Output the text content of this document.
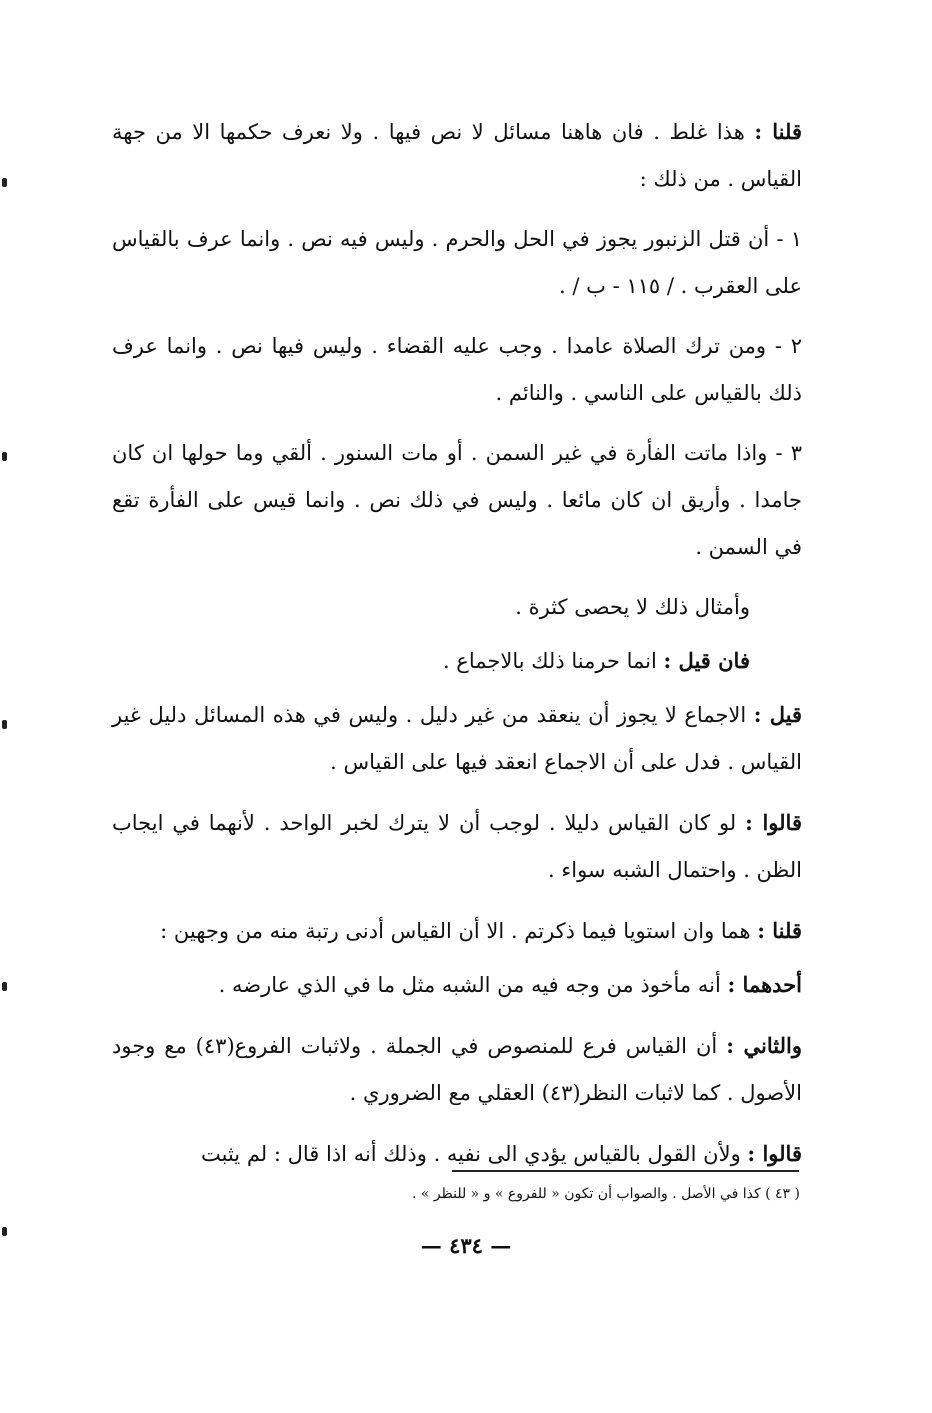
قلنا : هذا غلط . فان هاهنا مسائل لا نص فيها . ولا نعرف حكمها الا من جهة القياس . من ذلك :

١ - أن قتل الزنبور يجوز في الحل والحرم . وليس فيه نص . وانما عرف بالقياس على العقرب . / ١١٥ - ب / .

٢ - ومن ترك الصلاة عامدا . وجب عليه القضاء . وليس فيها نص . وانما عرف ذلك بالقياس على الناسي . والنائم .

٣ - واذا ماتت الفأرة في غير السمن . أو مات السنور . ألقي وما حولها ان كان جامدا . وأريق ان كان مائعا . وليس في ذلك نص . وانما قيس على الفأرة تقع في السمن .

وأمثال ذلك لا يحصى كثرة .

فان قيل : انما حرمنا ذلك بالاجماع .

قيل : الاجماع لا يجوز أن ينعقد من غير دليل . وليس في هذه المسائل دليل غير القياس . فدل على أن الاجماع انعقد فيها على القياس .

قالوا : لو كان القياس دليلا . لوجب أن لا يترك لخبر الواحد . لأنهما في ايجاب الظن . واحتمال الشبه سواء .

قلنا : هما وان استويا فيما ذكرتم . الا أن القياس أدنى رتبة منه من وجهين :

أحدهما : أنه مأخوذ من وجه فيه من الشبه مثل ما في الذي عارضه .

والثاني : أن القياس فرع للمنصوص في الجملة . ولاثبات الفروع(٤٣) مع وجود الأصول . كما لاثبات النظر(٤٣) العقلي مع الضروري .

قالوا : ولأن القول بالقياس يؤدي الى نفيه . وذلك أنه اذا قال : لم يثبت

( ٤٣ ) كذا في الأصل . والصواب أن تكون « للفروع » و « للنظر » .
— ٤٣٤ —
